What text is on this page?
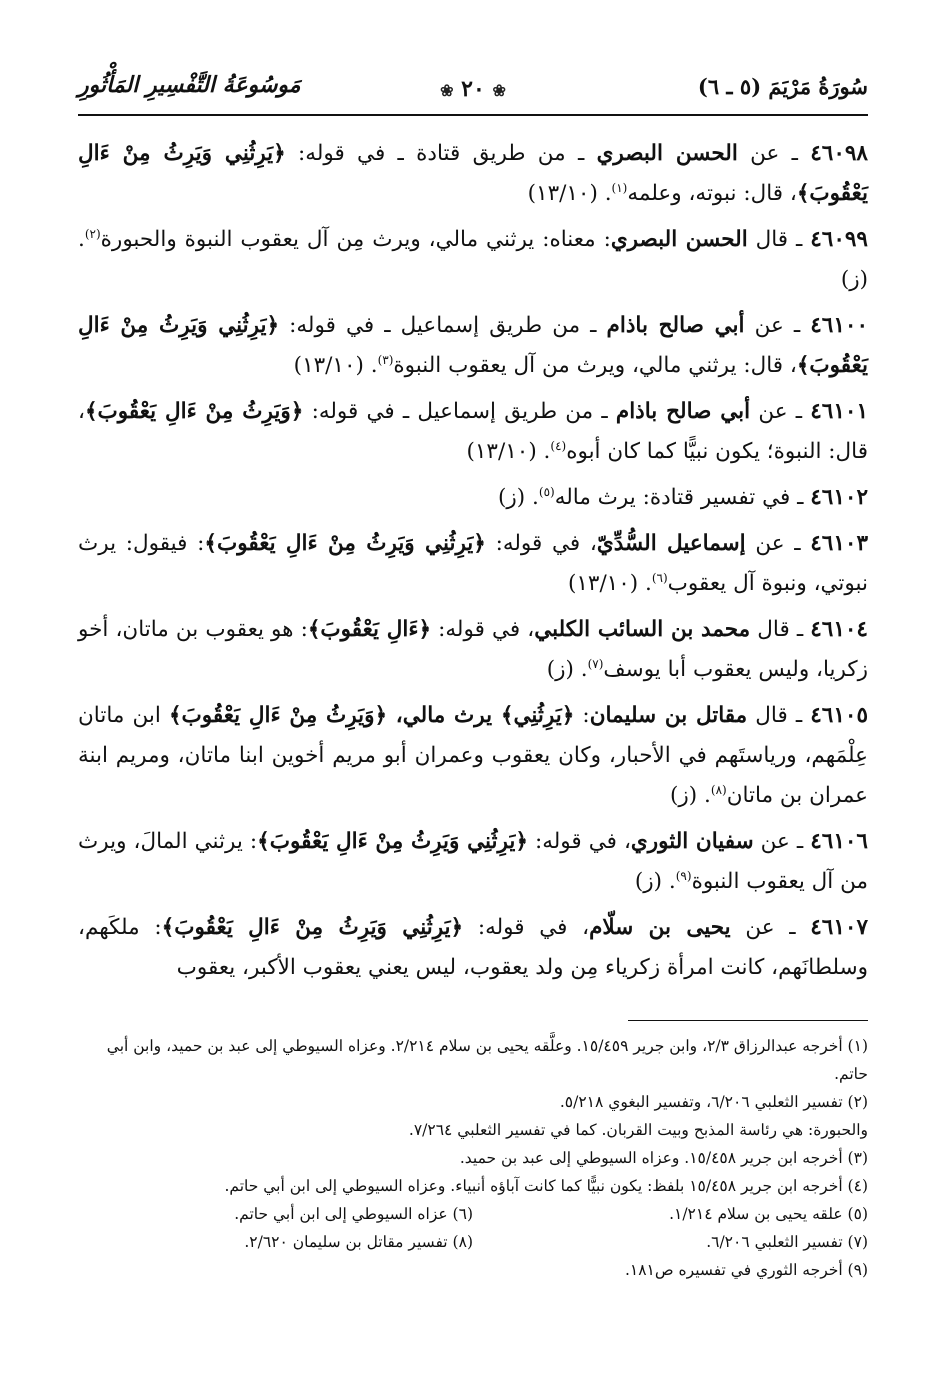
سُورَةُ مَرْيَمَ (٥ ـ ٦)
❀ ٢٠ ❀
مَوسُوعَةُ التَّفْسِيرِ المَأْثُورِ

٤٦٠٩٨ ـ عن الحسن البصري ـ من طريق قتادة ـ في قوله: ﴿يَرِثُنِي وَيَرِثُ مِنْ ءَالِ يَعْقُوبَ﴾، قال: نبوته، وعلمه$^{(١)}$. (١٣/١٠)

٤٦٠٩٩ ـ قال الحسن البصري: معناه: يرثني مالي، ويرث مِن آل يعقوب النبوة والحبورة$^{(٢)}$. (ز)

٤٦١٠٠ ـ عن أبي صالح باذام ـ من طريق إسماعيل ـ في قوله: ﴿يَرِثُنِي وَيَرِثُ مِنْ ءَالِ يَعْقُوبَ﴾، قال: يرثني مالي، ويرث من آل يعقوب النبوة$^{(٣)}$. (١٣/١٠)

٤٦١٠١ ـ عن أبي صالح باذام ـ من طريق إسماعيل ـ في قوله: ﴿وَيَرِثُ مِنْ ءَالِ يَعْقُوبَ﴾، قال: النبوة؛ يكون نبيًّا كما كان أبوه$^{(٤)}$. (١٣/١٠)

٤٦١٠٢ ـ في تفسير قتادة: يرث ماله$^{(٥)}$. (ز)

٤٦١٠٣ ـ عن إسماعيل السُّدِّيّ، في قوله: ﴿يَرِثُنِي وَيَرِثُ مِنْ ءَالِ يَعْقُوبَ﴾: فيقول: يرث نبوتي، ونبوة آل يعقوب$^{(٦)}$. (١٣/١٠)

٤٦١٠٤ ـ قال محمد بن السائب الكلبي، في قوله: ﴿ءَالِ يَعْقُوبَ﴾: هو يعقوب بن ماتان، أخو زكريا، وليس يعقوب أبا يوسف$^{(٧)}$. (ز)

٤٦١٠٥ ـ قال مقاتل بن سليمان: ﴿يَرِثُنِي﴾ يرث مالي، ﴿وَيَرِثُ مِنْ ءَالِ يَعْقُوبَ﴾ ابن ماتان عِلْمَهم، ورياستَهم في الأحبار، وكان يعقوب وعمران أبو مريم أخوين ابنا ماتان، ومريم ابنة عمران بن ماتان$^{(٨)}$. (ز)

٤٦١٠٦ ـ عن سفيان الثوري، في قوله: ﴿يَرِثُنِي وَيَرِثُ مِنْ ءَالِ يَعْقُوبَ﴾: يرثني المالَ، ويرث من آل يعقوب النبوة$^{(٩)}$. (ز)

٤٦١٠٧ ـ عن يحيى بن سلّام، في قوله: ﴿يَرِثُنِي وَيَرِثُ مِنْ ءَالِ يَعْقُوبَ﴾: ملكَهم، وسلطانَهم، كانت امرأة زكرياء مِن ولد يعقوب، ليس يعني يعقوب الأكبر، يعقوب

(١) أخرجه عبدالرزاق ٢/٣، وابن جرير ١٥/٤٥٩. وعلَّقه يحيى بن سلام ٢/٢١٤. وعزاه السيوطي إلى عبد بن حميد، وابن أبي حاتم.

(٢) تفسير الثعلبي ٦/٢٠٦، وتفسير البغوي ٥/٢١٨.

والحبورة: هي رئاسة المذبح وبيت القربان. كما في تفسير الثعلبي ٧/٢٦٤.

(٣) أخرجه ابن جرير ١٥/٤٥٨. وعزاه السيوطي إلى عبد بن حميد.

(٤) أخرجه ابن جرير ١٥/٤٥٨ بلفظ: يكون نبيًّا كما كانت آباؤه أنبياء. وعزاه السيوطي إلى ابن أبي حاتم.

(٥) علقه يحيى بن سلام ١/٢١٤.

(٦) عزاه السيوطي إلى ابن أبي حاتم.

(٧) تفسير الثعلبي ٦/٢٠٦.

(٨) تفسير مقاتل بن سليمان ٢/٦٢٠.

(٩) أخرجه الثوري في تفسيره ص١٨١.
